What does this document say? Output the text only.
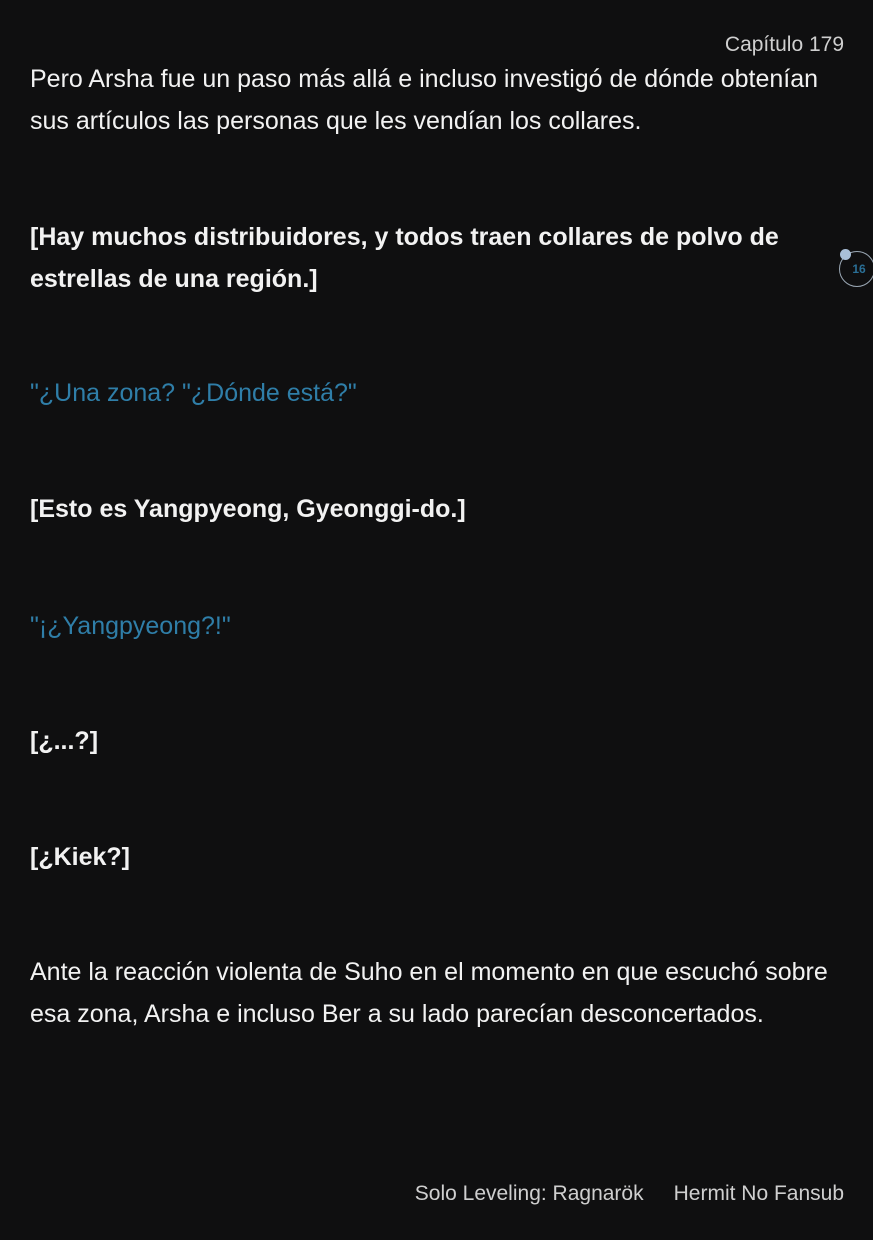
Capítulo 179
Pero Arsha fue un paso más allá e incluso investigó de dónde obtenían sus artículos las personas que les vendían los collares.
[Hay muchos distribuidores, y todos traen collares de polvo de estrellas de una región.]
"¿Una zona? "¿Dónde está?"
[Esto es Yangpyeong, Gyeonggi-do.]
"¡¿Yangpyeong?!"
[¿...?]
[¿Kiek?]
Ante la reacción violenta de Suho en el momento en que escuchó sobre esa zona, Arsha e incluso Ber a su lado parecían desconcertados.
16
Solo Leveling: Ragnarök Hermit No Fansub
